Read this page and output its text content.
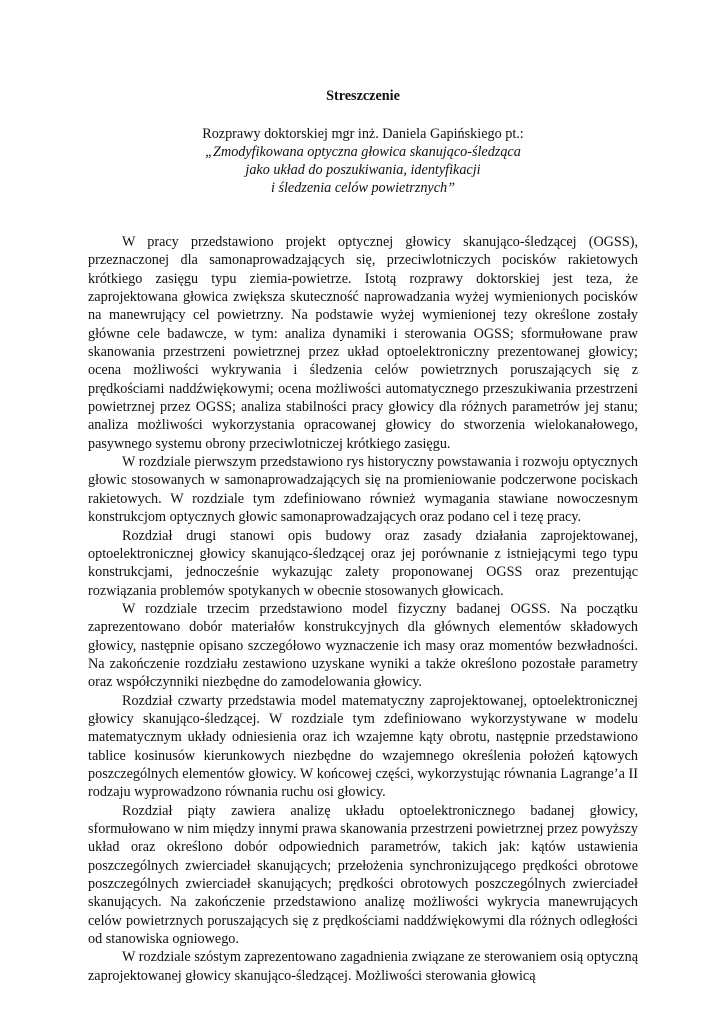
Streszczenie
Rozprawy doktorskiej mgr inż. Daniela Gapińskiego pt.:
„Zmodyfikowana optyczna głowica skanująco-śledząca
jako układ do poszukiwania, identyfikacji
i śledzenia celów powietrznych”

W pracy przedstawiono projekt optycznej głowicy skanująco-śledzącej (OGSS), przeznaczonej dla samonaprowadzających się, przeciwlotniczych pocisków rakietowych krótkiego zasięgu typu ziemia-powietrze. Istotą rozprawy doktorskiej jest teza, że zaprojektowana głowica zwiększa skuteczność naprowadzania wyżej wymienionych pocisków na manewrujący cel powietrzny. Na podstawie wyżej wymienionej tezy określone zostały główne cele badawcze, w tym: analiza dynamiki i sterowania OGSS; sformułowane praw skanowania przestrzeni powietrznej przez układ optoelektroniczny prezentowanej głowicy; ocena możliwości wykrywania i śledzenia celów powietrznych poruszających się z prędkościami naddźwiękowymi; ocena możliwości automatycznego przeszukiwania przestrzeni powietrznej przez OGSS; analiza stabilności pracy głowicy dla różnych parametrów jej stanu; analiza możliwości wykorzystania opracowanej głowicy do stworzenia wielokanałowego, pasywnego systemu obrony przeciwlotniczej krótkiego zasięgu.

W rozdziale pierwszym przedstawiono rys historyczny powstawania i rozwoju optycznych głowic stosowanych w samonaprowadzających się na promieniowanie podczerwone pociskach rakietowych. W rozdziale tym zdefiniowano również wymagania stawiane nowoczesnym konstrukcjom optycznych głowic samonaprowadzających oraz podano cel i tezę pracy.

Rozdział drugi stanowi opis budowy oraz zasady działania zaprojektowanej, optoelektronicznej głowicy skanująco-śledzącej oraz jej porównanie z istniejącymi tego typu konstrukcjami, jednocześnie wykazując zalety proponowanej OGSS oraz prezentując rozwiązania problemów spotykanych w obecnie stosowanych głowicach.

W rozdziale trzecim przedstawiono model fizyczny badanej OGSS. Na początku zaprezentowano dobór materiałów konstrukcyjnych dla głównych elementów składowych głowicy, następnie opisano szczegółowo wyznaczenie ich masy oraz momentów bezwładności. Na zakończenie rozdziału zestawiono uzyskane wyniki a także określono pozostałe parametry oraz współczynniki niezbędne do zamodelowania głowicy.

Rozdział czwarty przedstawia model matematyczny zaprojektowanej, optoelektronicznej głowicy skanująco-śledzącej. W rozdziale tym zdefiniowano wykorzystywane w modelu matematycznym układy odniesienia oraz ich wzajemne kąty obrotu, następnie przedstawiono tablice kosinusów kierunkowych niezbędne do wzajemnego określenia położeń kątowych poszczególnych elementów głowicy. W końcowej części, wykorzystując równania Lagrange’a II rodzaju wyprowadzono równania ruchu osi głowicy.

Rozdział piąty zawiera analizę układu optoelektronicznego badanej głowicy, sformułowano w nim między innymi prawa skanowania przestrzeni powietrznej przez powyższy układ oraz określono dobór odpowiednich parametrów, takich jak: kątów ustawienia poszczególnych zwierciadeł skanujących; przełożenia synchronizującego prędkości obrotowe poszczególnych zwierciadeł skanujących; prędkości obrotowych poszczególnych zwierciadeł skanujących. Na zakończenie przedstawiono analizę możliwości wykrycia manewrujących celów powietrznych poruszających się z prędkościami naddźwiękowymi dla różnych odległości od stanowiska ogniowego.

W rozdziale szóstym zaprezentowano zagadnienia związane ze sterowaniem osią optyczną zaprojektowanej głowicy skanująco-śledzącej. Możliwości sterowania głowicą
